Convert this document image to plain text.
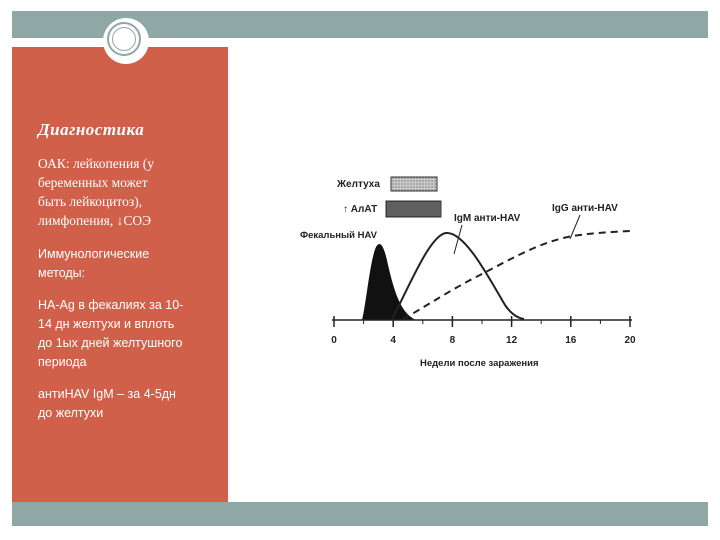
Диагностика
ОАК: лейкопения (у
беременных может
быть лейкоцитоз),
лимфопения, ↓СОЭ
Иммунологические
методы:
НА-Ag в фекалиях за 10-
14 дн желтухи и вплоть
до 1ых дней желтушного
периода
антиHAV IgM – за 4-5дн
до желтухи
Желтуха
↑ АлАТ
Фекальный HAV
IgM анти-HAV
IgG анти-HAV
0	4	8	12	16	20
Недели после заражения
